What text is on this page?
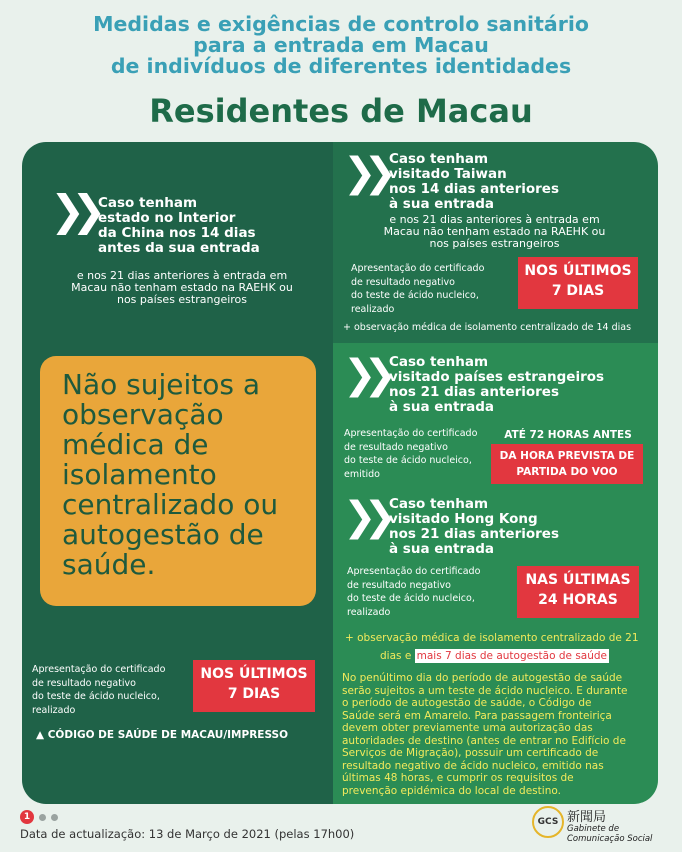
Medidas e exigências de controlo sanitário
para a entrada em Macau
de indivíduos de diferentes identidades
Residentes de Macau
❯❯ Caso tenham
estado no Interior
da China nos 14 dias
antes da sua entrada
e nos 21 dias anteriores à entrada em
Macau não tenham estado na RAEHK ou
nos países estrangeiros
Não sujeitos a
observação
médica de
isolamento
centralizado ou
autogestão de
saúde.
Apresentação do certificado
de resultado negativo
do teste de ácido nucleico,
realizado
NOS ÚLTIMOS
7 DIAS
▲ CÓDIGO DE SAÚDE DE MACAU/IMPRESSO
❯❯ Caso tenham
visitado Taiwan
nos 14 dias anteriores
à sua entrada
e nos 21 dias anteriores à entrada em
Macau não tenham estado na RAEHK ou
nos países estrangeiros
Apresentação do certificado
de resultado negativo
do teste de ácido nucleico,
realizado
NOS ÚLTIMOS
7 DIAS
+ observação médica de isolamento centralizado de 14 dias
❯❯ Caso tenham
visitado países estrangeiros
nos 21 dias anteriores
à sua entrada
Apresentação do certificado
de resultado negativo
do teste de ácido nucleico,
emitido
ATÉ 72 HORAS ANTES
DA HORA PREVISTA DE
PARTIDA DO VOO
❯❯ Caso tenham
visitado Hong Kong
nos 21 dias anteriores
à sua entrada
Apresentação do certificado
de resultado negativo
do teste de ácido nucleico,
realizado
NAS ÚLTIMAS
24 HORAS
+ observação médica de isolamento centralizado de 21
dias e mais 7 dias de autogestão de saúde
No penúltimo dia do período de autogestão de saúde
serão sujeitos a um teste de ácido nucleico. E durante
o período de autogestão de saúde, o Código de
Saúde será em Amarelo. Para passagem fronteiriça
devem obter previamente uma autorização das
autoridades de destino (antes de entrar no Edifício de
Serviços de Migração), possuir um certificado de
resultado negativo de ácido nucleico, emitido nas
últimas 48 horas, e cumprir os requisitos de
prevenção epidémica do local de destino.
1
Data de actualização: 13 de Março de 2021 (pelas 17h00)
GCS 新聞局
Gabinete de
Comunicação Social
